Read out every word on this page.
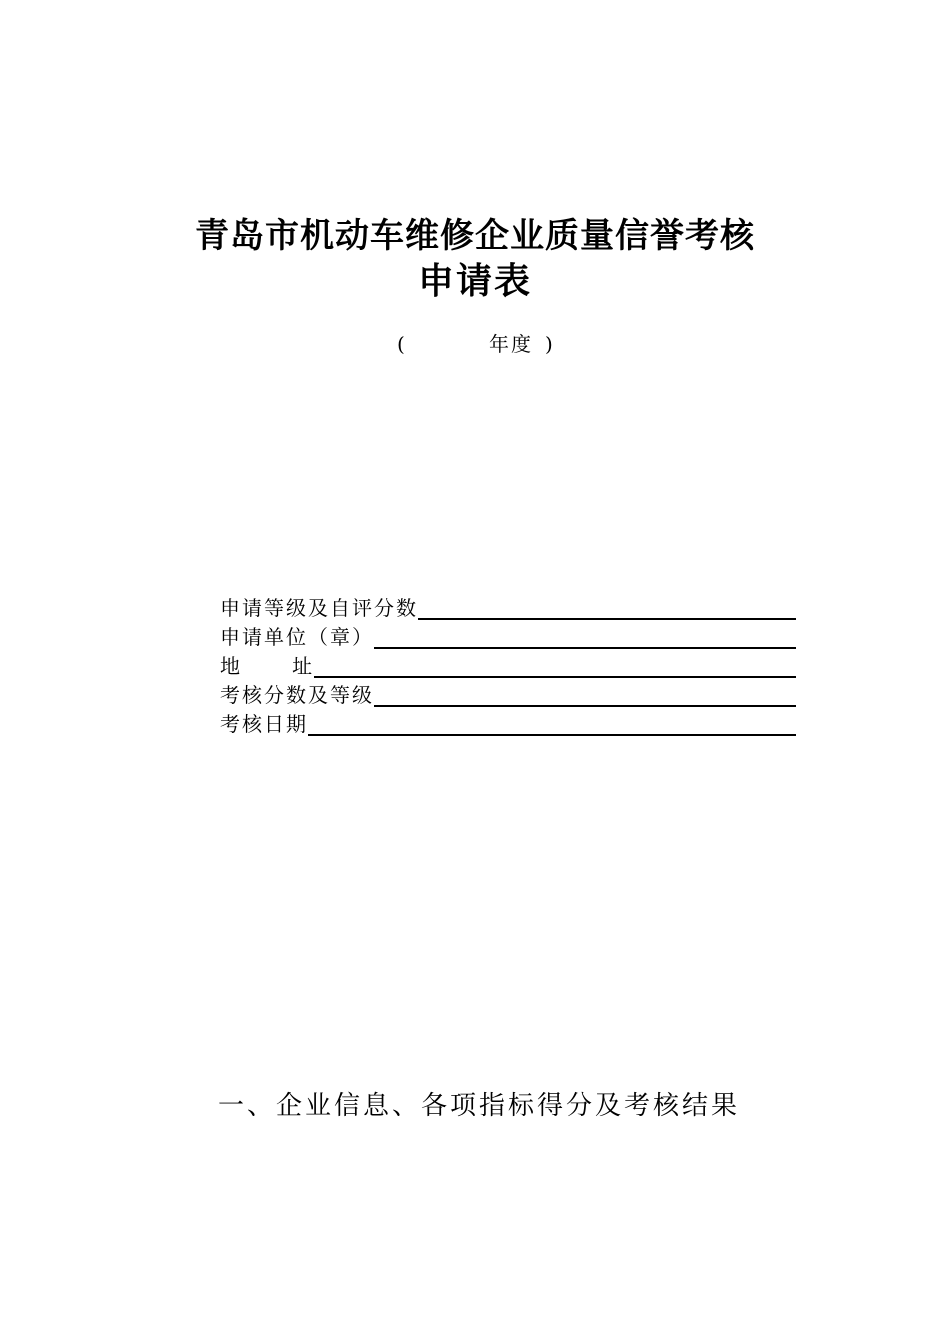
青岛市机动车维修企业质量信誉考核
申请表
(	年度 )
申请等级及自评分数
申请单位（章）
地      址
考核分数及等级
考核日期
一、企业信息、各项指标得分及考核结果
